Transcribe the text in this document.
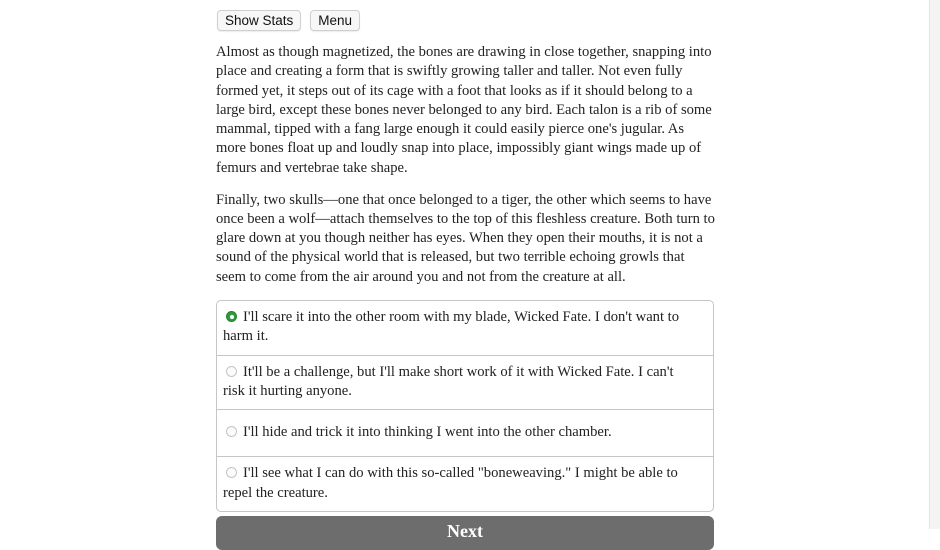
Show Stats	Menu

Almost as though magnetized, the bones are drawing in close together, snapping into place and creating a form that is swiftly growing taller and taller. Not even fully formed yet, it steps out of its cage with a foot that looks as if it should belong to a large bird, except these bones never belonged to any bird. Each talon is a rib of some mammal, tipped with a fang large enough it could easily pierce one's jugular. As more bones float up and loudly snap into place, impossibly giant wings made up of femurs and vertebrae take shape.

Finally, two skulls—one that once belonged to a tiger, the other which seems to have once been a wolf—attach themselves to the top of this fleshless creature. Both turn to glare down at you though neither has eyes. When they open their mouths, it is not a sound of the physical world that is released, but two terrible echoing growls that seem to come from the air around you and not from the creature at all.

I'll scare it into the other room with my blade, Wicked Fate. I don't want to harm it.
It'll be a challenge, but I'll make short work of it with Wicked Fate. I can't risk it hurting anyone.
I'll hide and trick it into thinking I went into the other chamber.
I'll see what I can do with this so-called "boneweaving." I might be able to repel the creature.
Next
